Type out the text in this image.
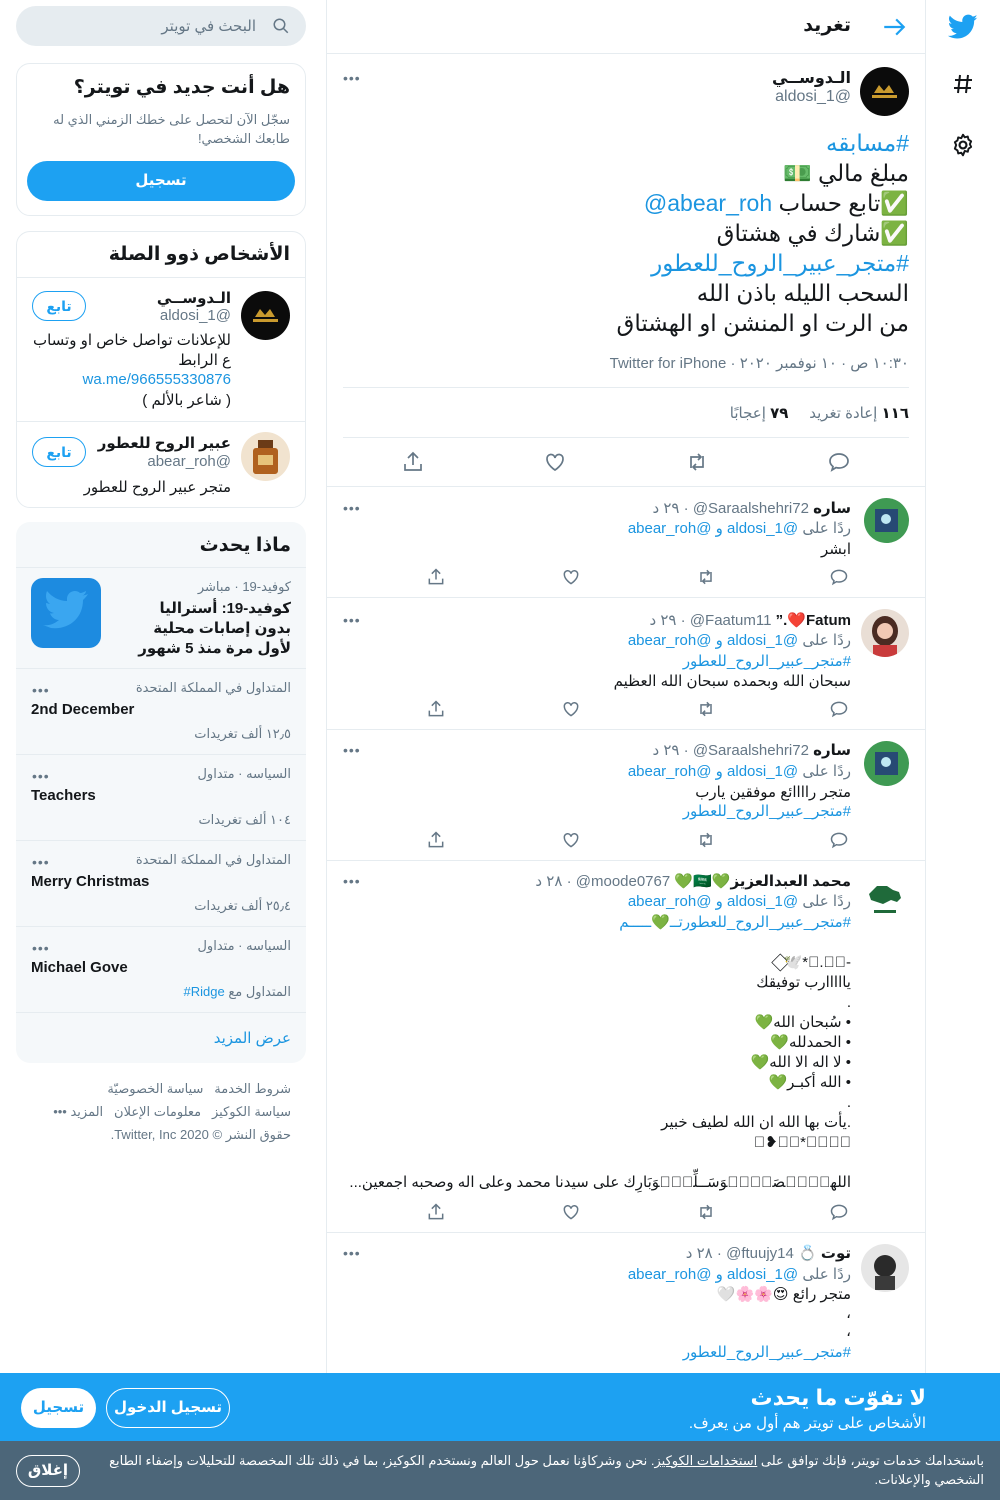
تغريد
الـدوســي
@aldosi_1
•••
#مسابقه
مبلغ مالي 💵
✅تابع حساب @abear_roh
✅شارك في هشتاق
#متجر_عبير_الروح_للعطور
السحب الليله باذن الله
من الرت او المنشن او الهشتاق
١٠:٣٠ ص · ١٠ نوفمبر ٢٠٢٠ · Twitter for iPhone
١١٦ إعادة تغريد     ٧٩ إعجابًا
ساره @Saraalshehri72 · ٢٩ د
•••
ردًا على @aldosi_1 و @abear_roh
ابشر
Fatum❤️.” @Faatum11 · ٢٩ د
•••
ردًا على @aldosi_1 و @abear_roh
#متجر_عبير_الروح_للعطور
سبحان الله وبحمده سبحان الله العظيم
ساره @Saraalshehri72 · ٢٩ د
•••
ردًا على @aldosi_1 و @abear_roh
متجر راااائع موفقين يارب
#متجر_عبير_الروح_للعطور
محمد العبدالعزيز💚🇸🇦💚 @moode0767 · ٢٨ د
•••
ردًا على @aldosi_1 و @abear_roh
#متجر_عبير_الروح_للعطورتــ💚ـــــم
-.⃟⃟*⃟🕊️⃟
يااااارب توفيقك
.
• سُبحان الله💚
• الحمدلله💚
• لا اله الا الله💚
• الله أكبـر💚
.
.يأت بها الله ان الله لطيف خبير
⃟⃟⃟*⃟✿⃟❥ ⃟
اللهمَّ⃟صَلِّ⃟وَسَــلِّمْ⃟وَبَارِك على سيدنا محمد وعلى اله وصحبه اجمعين...
توت 💍 @ftuujy14 · ٢٨ د
•••
ردًا على @aldosi_1 و @abear_roh
متجر رائع 😍🌸🌸🤍
،
،
#متجر_عبير_الروح_للعطور
البحث في تويتر
هل أنت جديد في تويتر؟
سجّل الآن لتحصل على خطك الزمني الذي له طابعك الشخصي!
تسجيل
الأشخاص ذوو الصلة
الـدوســي
@aldosi_1
تابع
للإعلانات تواصل خاص او وتساب ع الرابط
wa.me/966555330876
( شاعر بالألم )
عبير الروح للعطور
@abear_roh
تابع
متجر عبير الروح للعطور
ماذا يحدث
كوفيد-19 · مباشر
كوفيد-19: أستراليا بدون إصابات محلية لأول مرة منذ 5 شهور
المتداول في المملكة المتحدة
•••
2nd December
١٢٫٥ ألف تغريدات
السياسه · متداول
•••
Teachers
١٠٤ ألف تغريدات
المتداول في المملكة المتحدة
•••
Merry Christmas
٢٥٫٤ ألف تغريدات
السياسه · متداول
•••
Michael Gove
المتداول مع #Ridge
عرض المزيد
شروط الخدمة   سياسة الخصوصيّة
سياسة الكوكيز   معلومات الإعلان   المزيد •••
حقوق النشر © 2020 Twitter, Inc.
لا تفوّت ما يحدث
الأشخاص على تويتر هم أول من يعرف.
تسجيل الدخول
تسجيل
باستخدامك خدمات تويتر، فإنك توافق على استخدامات الكوكيز. نحن وشركاؤنا نعمل حول العالم ونستخدم الكوكيز، بما في ذلك تلك المخصصة للتحليلات وإضفاء الطابع الشخصي والإعلانات.
إغلاق
